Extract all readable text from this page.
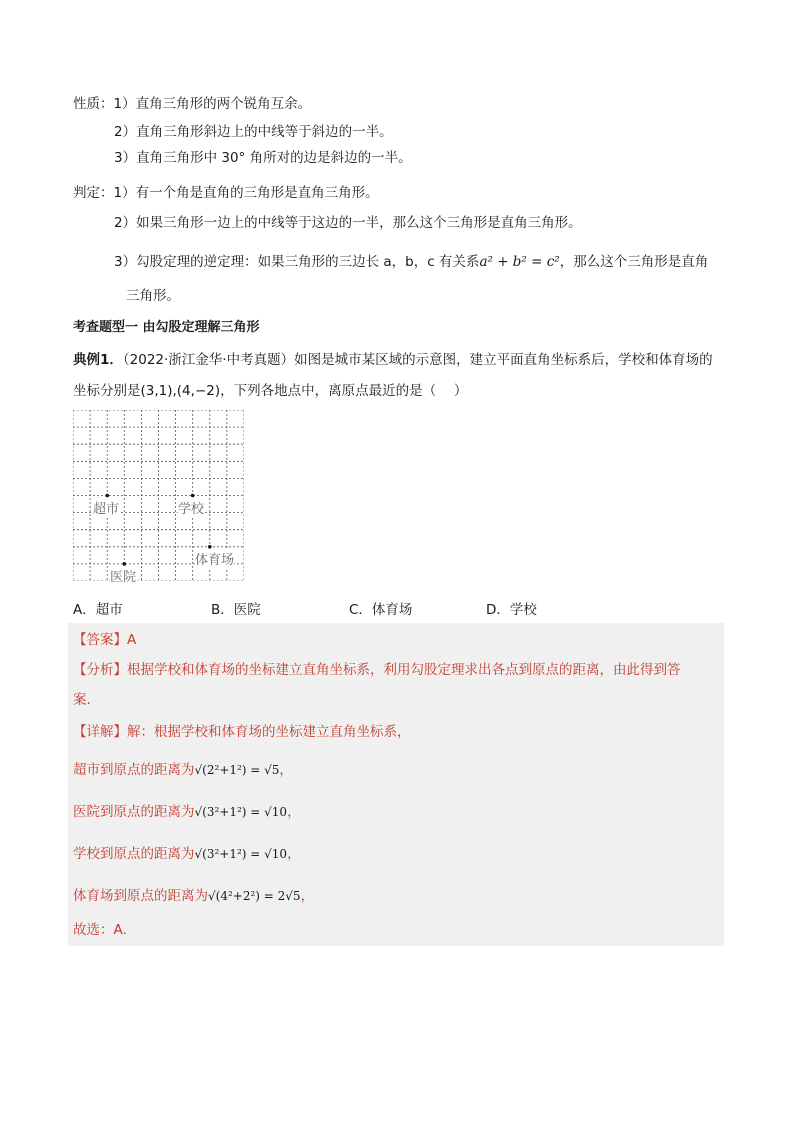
性质：1）直角三角形的两个锐角互余。
2）直角三角形斜边上的中线等于斜边的一半。
3）直角三角形中 30° 角所对的边是斜边的一半。
判定：1）有一个角是直角的三角形是直角三角形。
2）如果三角形一边上的中线等于这边的一半，那么这个三角形是直角三角形。
3）勾股定理的逆定理：如果三角形的三边长 a，b，c 有关系a² + b² = c²，那么这个三角形是直角
三角形。
考查题型一 由勾股定理解三角形
典例1．（2022·浙江金华·中考真题）如图是城市某区域的示意图，建立平面直角坐标系后，学校和体育场的
坐标分别是(3,1),(4,−2)，下列各地点中，离原点最近的是（　 ）
超市	学校
体育场
医院
A．超市	B．医院	C．体育场	D．学校
【答案】A
【分析】根据学校和体育场的坐标建立直角坐标系，利用勾股定理求出各点到原点的距离，由此得到答
案.
【详解】解：根据学校和体育场的坐标建立直角坐标系，
超市到原点的距离为√(2²+1²) = √5，
医院到原点的距离为√(3²+1²) = √10，
学校到原点的距离为√(3²+1²) = √10，
体育场到原点的距离为√(4²+2²) = 2√5，
故选：A.
